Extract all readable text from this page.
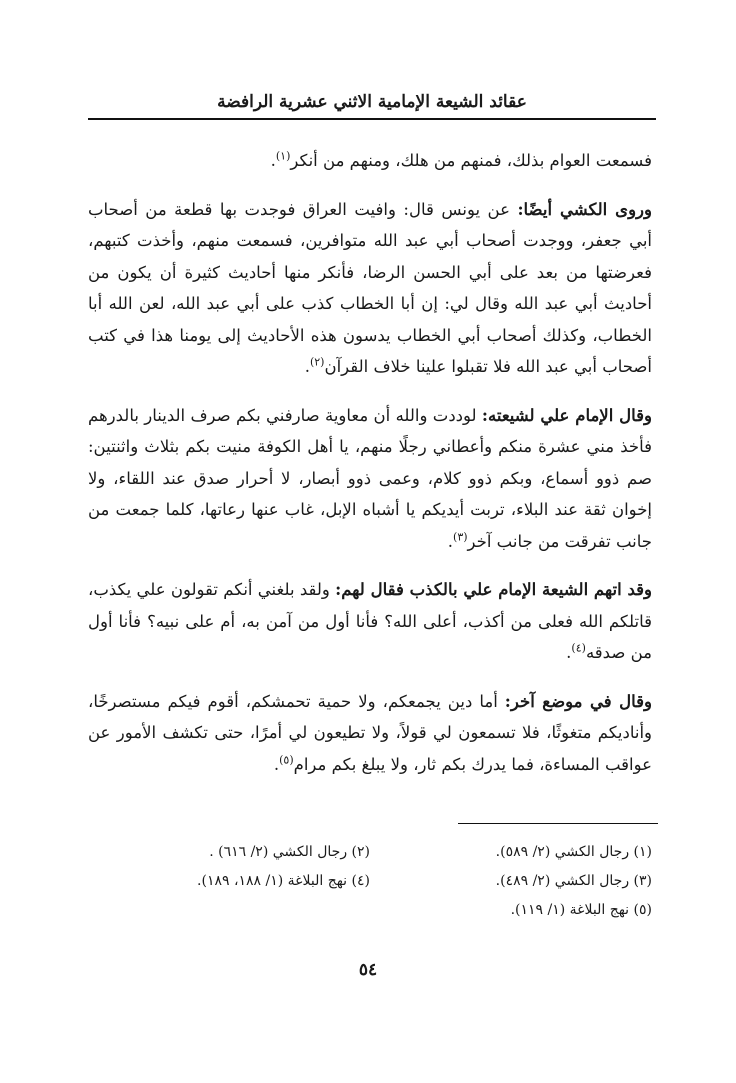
عقائد الشيعة الإمامية الاثني عشرية الرافضة

فسمعت العوام بذلك، فمنهم من هلك، ومنهم من أنكر$^{(١)}$.

وروى الكشي أيضًا: عن يونس قال: وافيت العراق فوجدت بها قطعة من أصحاب أبي جعفر، ووجدت أصحاب أبي عبد الله متوافرين، فسمعت منهم، وأخذت كتبهم، فعرضتها من بعد على أبي الحسن الرضا، فأنكر منها أحاديث كثيرة أن يكون من أحاديث أبي عبد الله وقال لي: إن أبا الخطاب كذب على أبي عبد الله، لعن الله أبا الخطاب، وكذلك أصحاب أبي الخطاب يدسون هذه الأحاديث إلى يومنا هذا في كتب أصحاب أبي عبد الله فلا تقبلوا علينا خلاف القرآن$^{(٢)}$.

وقال الإمام علي لشيعته: لوددت والله أن معاوية صارفني بكم صرف الدينار بالدرهم فأخذ مني عشرة منكم وأعطاني رجلًا منهم، يا أهل الكوفة منيت بكم بثلاث واثنتين: صم ذوو أسماع، وبكم ذوو كلام، وعمى ذوو أبصار، لا أحرار صدق عند اللقاء، ولا إخوان ثقة عند البلاء، تربت أيديكم يا أشباه الإبل، غاب عنها رعاتها، كلما جمعت من جانب تفرقت من جانب آخر$^{(٣)}$.

وقد اتهم الشيعة الإمام علي بالكذب فقال لهم: ولقد بلغني أنكم تقولون علي يكذب، قاتلكم الله فعلى من أكذب، أعلى الله؟ فأنا أول من آمن به، أم على نبيه؟ فأنا أول من صدقه$^{(٤)}$.

وقال في موضع آخر: أما دين يجمعكم، ولا حمية تحمشكم، أقوم فيكم مستصرخًا، وأناديكم متغوثًا، فلا تسمعون لي قولاً، ولا تطيعون لي أمرًا، حتى تكشف الأمور عن عواقب المساءة، فما يدرك بكم ثار، ولا يبلغ بكم مرام$^{(٥)}$.

(١) رجال الكشي (٢/ ٥٨٩).
(٢) رجال الكشي (٢/ ٦١٦) .
(٣) رجال الكشي (٢/ ٤٨٩).
(٤) نهج البلاغة (١/ ١٨٨، ١٨٩).
(٥) نهج البلاغة (١/ ١١٩).
٥٤
